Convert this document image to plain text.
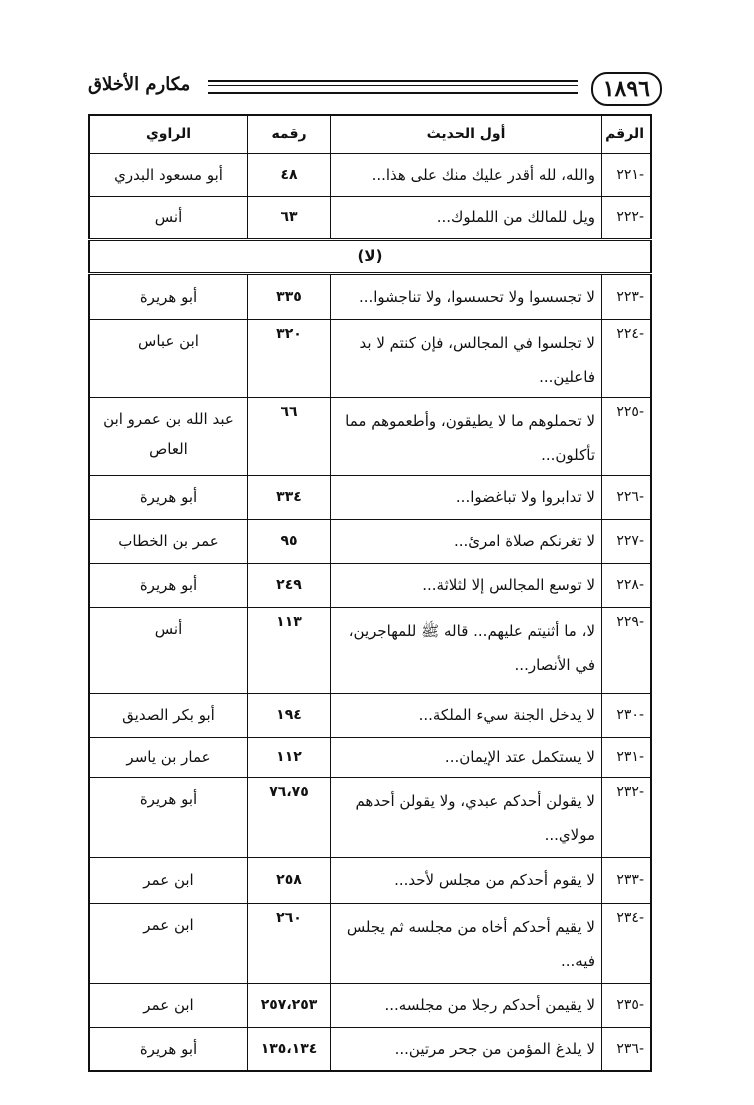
١٨٩٦
مكارم الأخلاق
الرقم	أول الحديث	رقمه	الراوي
-٢٢١	والله، لله أقدر عليك منك على هذا...	٤٨	أبو مسعود البدري
-٢٢٢	ويل للمالك من اللملوك...	٦٣	أنس
(لا)			
-٢٢٣	لا تجسسوا ولا تحسسوا، ولا تناجشوا...	٣٣٥	أبو هريرة
-٢٢٤	لا تجلسوا في المجالس، فإن كنتم لا بد فاعلين...	٣٢٠	ابن عباس
-٢٢٥	لا تحملوهم ما لا يطيقون، وأطعموهم مما تأكلون...	٦٦	عبد الله بن عمرو ابن العاص
-٢٢٦	لا تدابروا ولا تباغضوا...	٣٣٤	أبو هريرة
-٢٢٧	لا تغرنكم صلاة امرئ...	٩٥	عمر بن الخطاب
-٢٢٨	لا توسع المجالس إلا لثلاثة...	٢٤٩	أبو هريرة
-٢٢٩	لا، ما أثنيتم عليهم... قاله ﷺ للمهاجرين، في الأنصار...	١١٣	أنس
-٢٣٠	لا يدخل الجنة سيء الملكة...	١٩٤	أبو بكر الصديق
-٢٣١	لا يستكمل عتد الإيمان...	١١٢	عمار بن ياسر
-٢٣٢	لا يقولن أحدكم عبدي، ولا يقولن أحدهم مولاي...	٧٦،٧٥	أبو هريرة
-٢٣٣	لا يقوم أحدكم من مجلس لأحد...	٢٥٨	ابن عمر
-٢٣٤	لا يقيم أحدكم أخاه من مجلسه ثم يجلس فيه...	٢٦٠	ابن عمر
-٢٣٥	لا يقيمن أحدكم رجلا من مجلسه...	٢٥٧،٢٥٣	ابن عمر
-٢٣٦	لا يلدغ المؤمن من جحر مرتين...	١٣٥،١٣٤	أبو هريرة
